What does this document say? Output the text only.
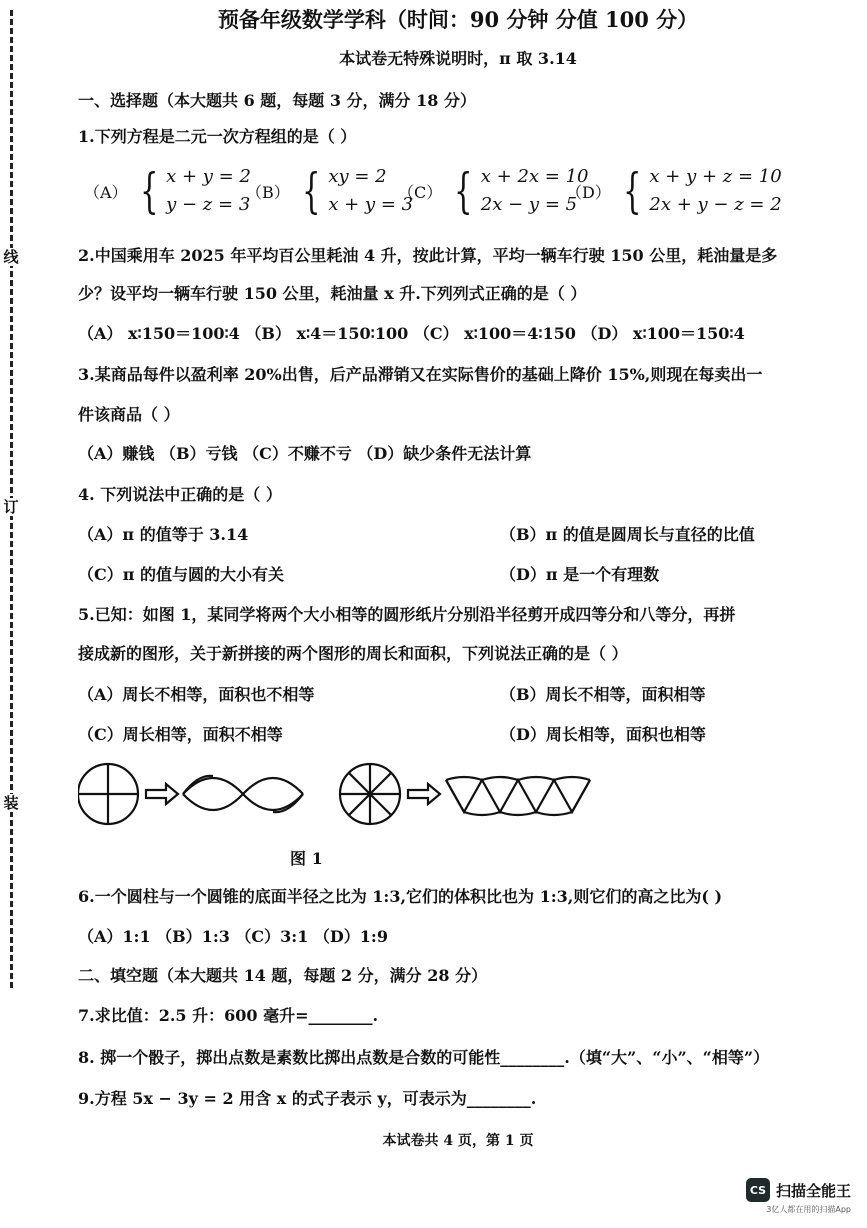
线
订
装
预备年级数学学科（时间：90 分钟 分值 100 分）
本试卷无特殊说明时，π 取 3.14
一、选择题（本大题共 6 题，每题 3 分，满分 18 分）
1.下列方程是二元一次方程组的是（ ）
（A） { x + y = 2
y − z = 3
（B） { xy = 2
x + y = 3
（C） { x + 2x = 10
2x − y = 5
（D） { x + y + z = 10
2x + y − z = 2
2.中国乘用车 2025 年平均百公里耗油 4 升，按此计算，平均一辆车行驶 150 公里，耗油量是多
少？设平均一辆车行驶 150 公里，耗油量 x 升.下列列式正确的是（ ）
（A） x∶150＝100∶4 （B） x∶4＝150∶100 （C） x∶100＝4∶150 （D） x∶100＝150∶4
3.某商品每件以盈利率 20%出售，后产品滞销又在实际售价的基础上降价 15%,则现在每卖出一
件该商品（ ）
（A）赚钱 （B）亏钱 （C）不赚不亏 （D）缺少条件无法计算
4. 下列说法中正确的是（ ）
（A）π 的值等于 3.14	（B）π 的值是圆周长与直径的比值
（C）π 的值与圆的大小有关	（D）π 是一个有理数
5.已知：如图 1，某同学将两个大小相等的圆形纸片分别沿半径剪开成四等分和八等分，再拼
接成新的图形，关于新拼接的两个图形的周长和面积，下列说法正确的是（ ）
（A）周长不相等，面积也不相等	（B）周长不相等，面积相等
（C）周长相等，面积不相等	（D）周长相等，面积也相等
图 1
6.一个圆柱与一个圆锥的底面半径之比为 1:3,它们的体积比也为 1:3,则它们的高之比为( )
（A）1:1 （B）1:3 （C）3:1 （D）1:9
二、填空题（本大题共 14 题，每题 2 分，满分 28 分）
7.求比值：2.5 升：600 毫升=________.
8. 掷一个骰子，掷出点数是素数比掷出点数是合数的可能性________.（填“大”、“小”、“相等”）
9.方程 5x − 3y = 2 用含 x 的式子表示 y，可表示为________.
本试卷共 4 页，第 1 页
CS 扫描全能王
3亿人都在用的扫描App
